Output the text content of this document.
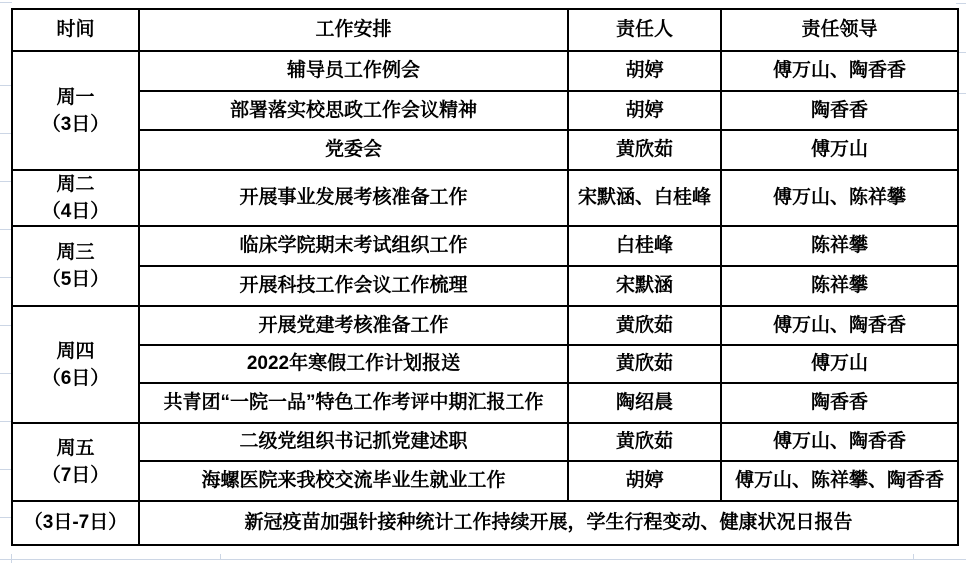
时间	工作安排	责任人	责任领导

周一
（3日）	辅导员工作例会	胡婷	傅万山、陶香香
	部署落实校思政工作会议精神	胡婷	陶香香
	党委会	黄欣茹	傅万山

周二
（4日）	开展事业发展考核准备工作	宋默涵、白桂峰	傅万山、陈祥攀

周三
（5日）	临床学院期末考试组织工作	白桂峰	陈祥攀
	开展科技工作会议工作梳理	宋默涵	陈祥攀

周四
（6日）	开展党建考核准备工作	黄欣茹	傅万山、陶香香
	2022年寒假工作计划报送	黄欣茹	傅万山
	共青团“一院一品”特色工作考评中期汇报工作	陶绍晨	陶香香

周五
（7日）	二级党组织书记抓党建述职	黄欣茹	傅万山、陶香香
	海螺医院来我校交流毕业生就业工作	胡婷	傅万山、陈祥攀、陶香香
（3日-7日）	新冠疫苗加强针接种统计工作持续开展，学生行程变动、健康状况日报告		
